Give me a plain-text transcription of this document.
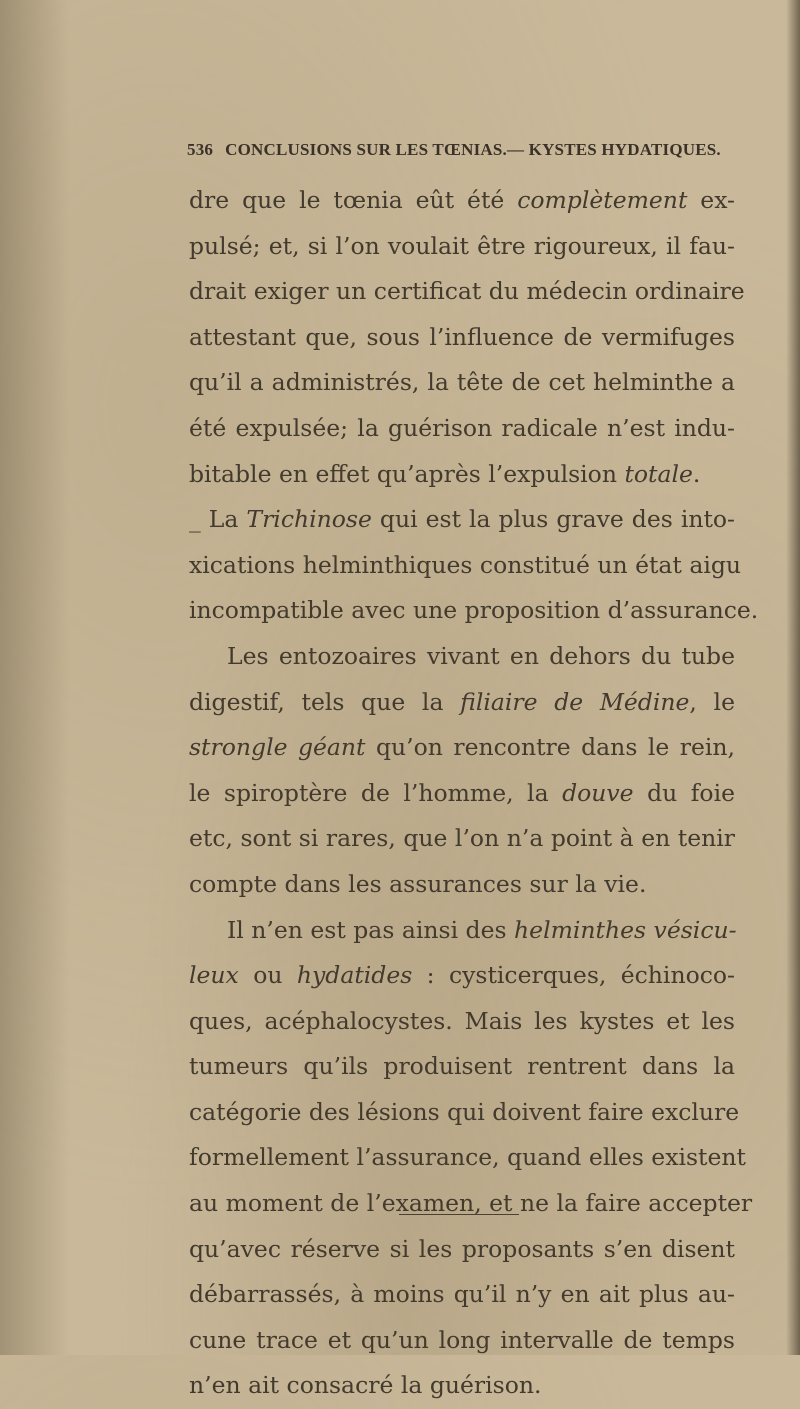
536 CONCLUSIONS SUR LES TŒNIAS.— KYSTES HYDATIQUES.
dre que le tœnia eût été complètement ex-
pulsé; et, si l’on voulait être rigoureux, il fau-
drait exiger un certificat du médecin ordinaire
attestant que, sous l’influence de vermifuges
qu’il a administrés, la tête de cet helminthe a
été expulsée; la guérison radicale n’est indu-
bitable en effet qu’après l’expulsion totale.
_ La Trichinose qui est la plus grave des into-
xications helminthiques constitué un état aigu
incompatible avec une proposition d’assurance.
Les entozoaires vivant en dehors du tube
digestif, tels que la filiaire de Médine, le
strongle géant qu’on rencontre dans le rein,
le spiroptère de l’homme, la douve du foie
etc, sont si rares, que l’on n’a point à en tenir
compte dans les assurances sur la vie.
Il n’en est pas ainsi des helminthes vésicu-
leux ou hydatides : cysticerques, échinoco-
ques, acéphalocystes. Mais les kystes et les
tumeurs qu’ils produisent rentrent dans la
catégorie des lésions qui doivent faire exclure
formellement l’assurance, quand elles existent
au moment de l’examen, et ne la faire accepter
qu’avec réserve si les proposants s’en disent
débarrassés, à moins qu’il n’y en ait plus au-
cune trace et qu’un long intervalle de temps
n’en ait consacré la guérison.
